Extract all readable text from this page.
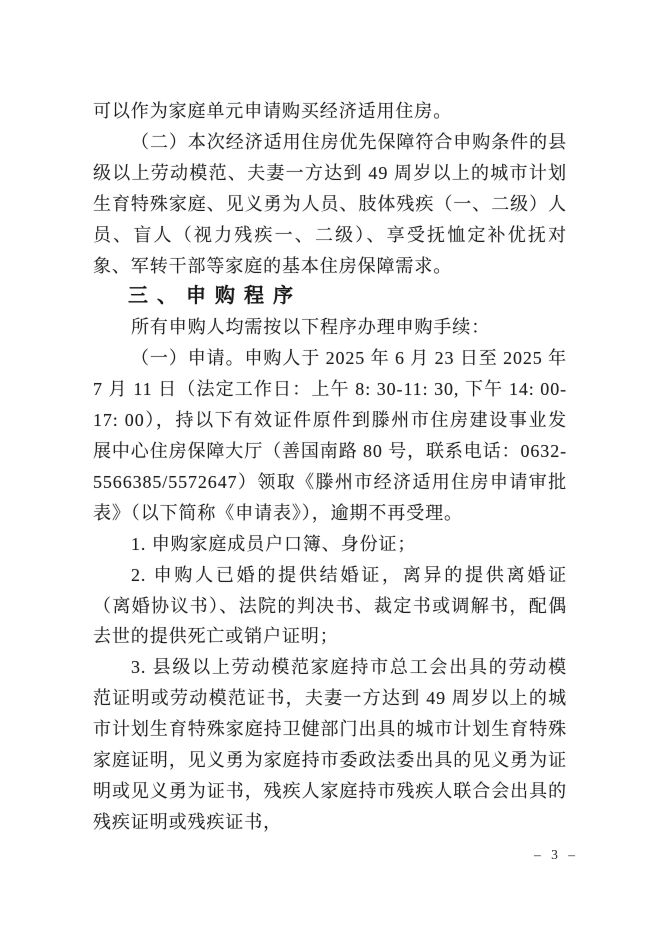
可以作为家庭单元申请购买经济适用住房。

（二）本次经济适用住房优先保障符合申购条件的县级以上劳动模范、夫妻一方达到 49 周岁以上的城市计划生育特殊家庭、见义勇为人员、肢体残疾（一、二级）人员、盲人（视力残疾一、二级）、享受抚恤定补优抚对象、军转干部等家庭的基本住房保障需求。

三、申购程序

所有申购人均需按以下程序办理申购手续：

（一）申请。申购人于 2025 年 6 月 23 日至 2025 年 7 月 11 日（法定工作日：上午 8: 30-11: 30, 下午 14: 00-17: 00），持以下有效证件原件到滕州市住房建设事业发展中心住房保障大厅（善国南路 80 号，联系电话：0632-5566385/5572647）领取《滕州市经济适用住房申请审批表》（以下简称《申请表》），逾期不再受理。

1. 申购家庭成员户口簿、身份证；

2. 申购人已婚的提供结婚证，离异的提供离婚证（离婚协议书）、法院的判决书、裁定书或调解书，配偶去世的提供死亡或销户证明；

3. 县级以上劳动模范家庭持市总工会出具的劳动模范证明或劳动模范证书，夫妻一方达到 49 周岁以上的城市计划生育特殊家庭持卫健部门出具的城市计划生育特殊家庭证明，见义勇为家庭持市委政法委出具的见义勇为证明或见义勇为证书，残疾人家庭持市残疾人联合会出具的残疾证明或残疾证书，

– 3 –
